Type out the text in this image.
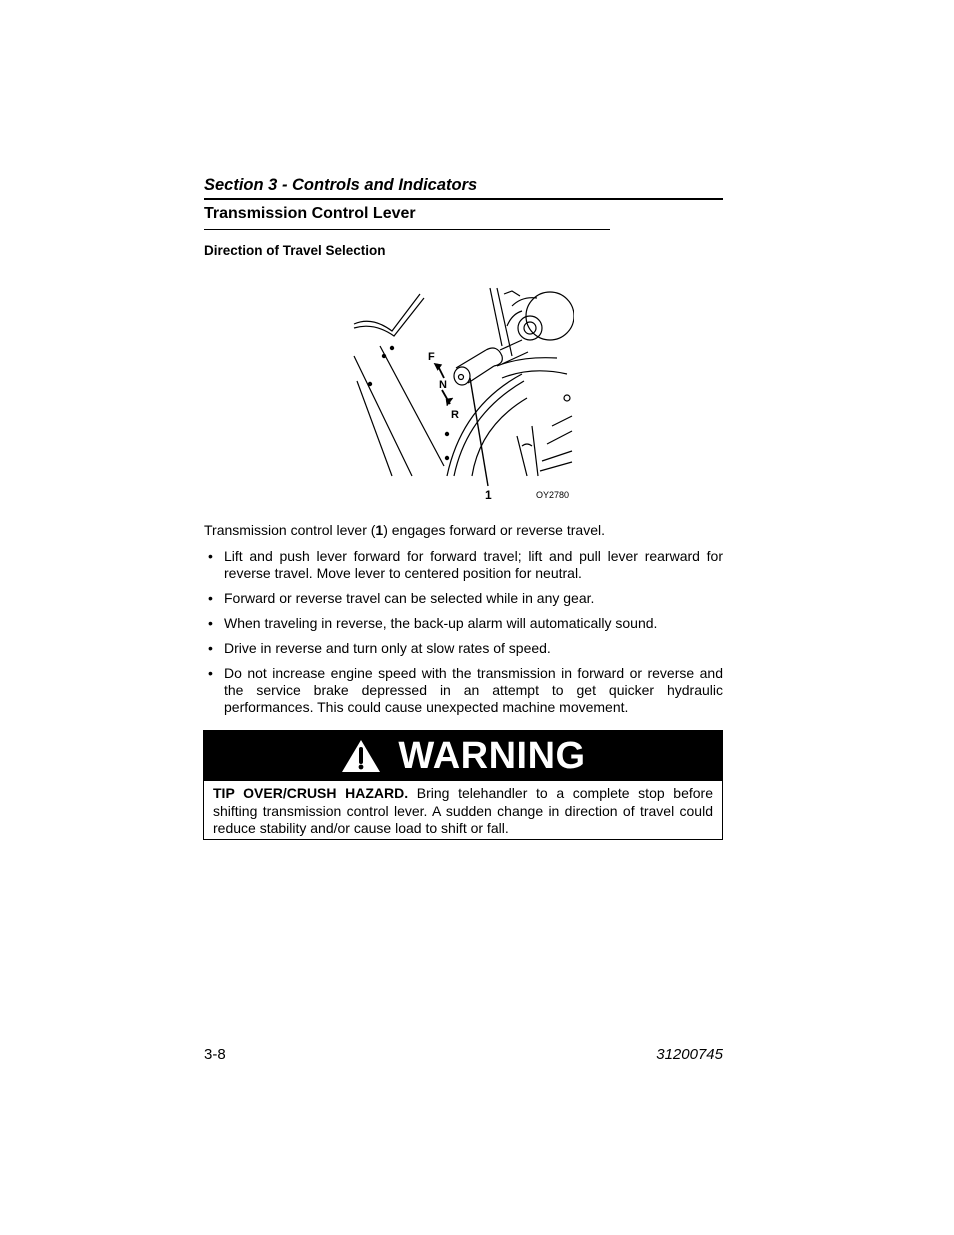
Section 3 - Controls and Indicators
Transmission Control Lever
Direction of Travel Selection
F
N
R
1	OY2780
Transmission control lever (1) engages forward or reverse travel.
• Lift and push lever forward for forward travel; lift and pull lever rearward for reverse travel. Move lever to centered position for neutral.
• Forward or reverse travel can be selected while in any gear.
• When traveling in reverse, the back-up alarm will automatically sound.
• Drive in reverse and turn only at slow rates of speed.
• Do not increase engine speed with the transmission in forward or reverse and the service brake depressed in an attempt to get quicker hydraulic performances. This could cause unexpected machine movement.
WARNING
TIP OVER/CRUSH HAZARD. Bring telehandler to a complete stop before shifting transmission control lever. A sudden change in direction of travel could reduce stability and/or cause load to shift or fall.
3-8	31200745
